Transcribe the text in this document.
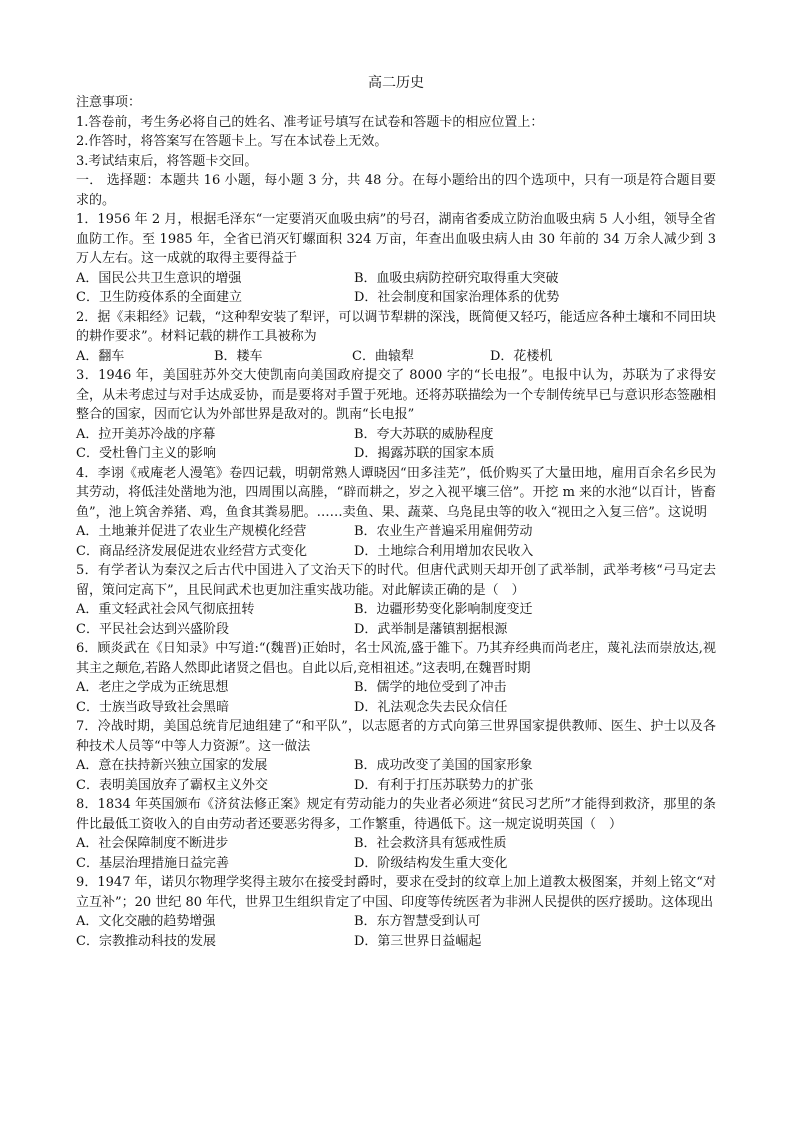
高二历史

注意事项：

1.答卷前，考生务必将自己的姓名、准考证号填写在试卷和答题卡的相应位置上：

2.作答时，将答案写在答题卡上。写在本试卷上无效。

3.考试结束后，将答题卡交回。

一． 选择题：本题共 16 小题，每小题 3 分，共 48 分。在每小题给出的四个选项中，只有一项是符合题目要求的。

1．1956 年 2 月，根据毛泽东“一定要消灭血吸虫病”的号召，湖南省委成立防治血吸虫病 5 人小组，领导全省血防工作。至 1985 年，全省已消灭钉螺面积 324 万亩，年查出血吸虫病人由 30 年前的 34 万余人减少到 3 万人左右。这一成就的取得主要得益于

A．国民公共卫生意识的增强	B．血吸虫病防控研究取得重大突破
C．卫生防疫体系的全面建立	D．社会制度和国家治理体系的优势

2．据《耒耜经》记载，“这种犁安装了犁评，可以调节犁耕的深浅，既简便又轻巧，能适应各种土壤和不同田块的耕作要求”。材料记载的耕作工具被称为

A．翻车	B．耧车	C．曲辕犁	D．花楼机

3．1946 年，美国驻苏外交大使凯南向美国政府提交了 8000 字的“长电报”。电报中认为，苏联为了求得安全，从未考虑过与对手达成妥协，而是要将对手置于死地。还将苏联描绘为一个专制传统早已与意识形态签融相整合的国家，因而它认为外部世界是敌对的。凯南“长电报”

A．拉开美苏冷战的序幕	B．夸大苏联的威胁程度
C．受杜鲁门主义的影响	D．揭露苏联的国家本质

4．李诩《戒庵老人漫笔》卷四记载，明朝常熟人谭晓因“田多洼芜”，低价购买了大量田地，雇用百余名乡民为其劳动，将低洼处凿地为池，四周围以高塍，“辟而耕之，岁之入视平壤三倍”。开挖 m 来的水池“以百计，皆畜鱼”，池上筑舍养猪、鸡，鱼食其粪易肥。……卖鱼、果、蔬菜、乌凫昆虫等的收入“视田之入复三倍”。这说明

A．土地兼并促进了农业生产规模化经营	B．农业生产普遍采用雇佣劳动
C．商品经济发展促进农业经营方式变化	D．土地综合利用增加农民收入

5．有学者认为秦汉之后古代中国进入了文治天下的时代。但唐代武则天却开创了武举制，武举考核“弓马定去留，策问定高下”，且民间武术也更加注重实战功能。对此解读正确的是（　）

A．重文轻武社会风气彻底扭转	B．边疆形势变化影响制度变迁
C．平民社会达到兴盛阶段	D．武举制是藩镇割据根源

6．顾炎武在《日知录》中写道:“(魏晋)正始时，名士风流,盛于雒下。乃其弃经典而尚老庄，蔑礼法而崇放达,视其主之颠危,若路人然即此诸贤之倡也。自此以后,竞相祖述。”这表明,在魏晋时期

A．老庄之学成为正统思想	B．儒学的地位受到了冲击
C．士族当政导致社会黑暗	D．礼法观念失去民众信任

7．冷战时期，美国总统肯尼迪组建了“和平队”，以志愿者的方式向第三世界国家提供教师、医生、护士以及各种技术人员等“中等人力资源”。这一做法

A．意在扶持新兴独立国家的发展	B．成功改变了美国的国家形象
C．表明美国放弃了霸权主义外交	D．有利于打压苏联势力的扩张

8．1834 年英国颁布《济贫法修正案》规定有劳动能力的失业者必须进“贫民习艺所”才能得到救济，那里的条件比最低工资收入的自由劳动者还要恶劣得多，工作繁重，待遇低下。这一规定说明英国（　）

A．社会保障制度不断进步	B．社会救济具有惩戒性质
C．基层治理措施日益完善	D．阶级结构发生重大变化

9．1947 年，诺贝尔物理学奖得主玻尔在接受封爵时，要求在受封的纹章上加上道教太极图案，并刻上铭文“对立互补”；20 世纪 80 年代，世界卫生组织肯定了中国、印度等传统医者为非洲人民提供的医疗援助。这体现出

A．文化交融的趋势增强	B．东方智慧受到认可
C．宗教推动科技的发展	D．第三世界日益崛起
